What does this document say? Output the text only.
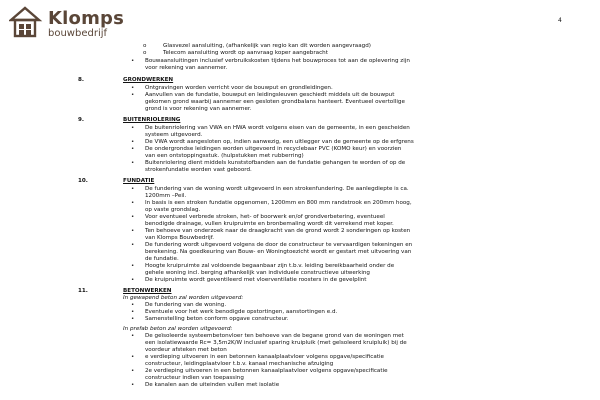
Klomps
bouwbedrijf
4
o	Glasvezel aansluiting, (afhankelijk van regio kan dit worden aangevraagd)
o	Telecom aansluiting wordt op aanvraag koper aangebracht
• Bouwaansluitingen inclusief verbruikskosten tijdens het bouwproces tot aan de oplevering zijn
voor rekening van aannemer.
8.	GRONDWERKEN
• Ontgravingen worden verricht voor de bouwput en grondleidingen.
• Aanvullen van de fundatie, bouwput en leidingsleuven geschiedt middels uit de bouwput
gekomen grond waarbij aannemer een gesloten grondbalans hanteert. Eventueel overtollige
grond is voor rekening van aannemer.
9.	BUITENRIOLERING
• De buitenriolering van VWA en HWA wordt volgens eisen van de gemeente, in een gescheiden
systeem uitgevoerd.
• De VWA wordt aangesloten op, indien aanwezig, een uitlegger van de gemeente op de erfgrens
• De ondergrondse leidingen worden uitgevoerd in recyclebaar PVC (KOMO keur) en voorzien
van een ontstoppingsstuk. (hulpstukken met rubberring)
• Buitenriolering dient middels kunststofbanden aan de fundatie gehangen te worden of op de
strokenfundatie worden vast geboord.
10.	FUNDATIE
• De fundering van de woning wordt uitgevoerd in een strokenfundering. De aanlegdiepte is ca.
1200mm –Peil.
• In basis is een stroken fundatie opgenomen, 1200mm en 800 mm randstrook en 200mm hoog,
op vaste grondslag.
• Voor eventueel verbrede stroken, het- of boorwerk en/of grondverbetering, eventueel
benodigde drainage, vullen kruipruimte en bronbemaling wordt dit verrekend met koper.
• Ten behoeve van onderzoek naar de draagkracht van de grond wordt 2 sonderingen op kosten
van Klomps Bouwbedrijf.
• De fundering wordt uitgevoerd volgens de door de constructeur te vervaardigen tekeningen en
berekening. Na goedkeuring van Bouw- en Woningtoezicht wordt er gestart met uitvoering van
de fundatie.
• Hoogte kruipruimte zal voldoende begaanbaar zijn t.b.v. leiding bereikbaarheid onder de
gehele woning incl. berging afhankelijk van individuele constructieve uitwerking
• De kruipruimte wordt geventileerd met vloerventilatie roosters in de gevelplint
11.	BETONWERKEN
In gewapend beton zal worden uitgevoerd:
• De fundering van de woning.
• Eventuele voor het werk benodigde opstortingen, aanstortingen e.d.
• Samenstelling beton conform opgave constructeur.
In prefab beton zal worden uitgevoerd:
• De geïsoleerde systeembetonvloer ten behoeve van de begane grond van de woningen met
een isolatiewaarde Rc= 3,5m2K/W inclusief sparing kruipluik (met geïsoleerd kruipluik) bij de
voordeur afsteken met beton
• e verdieping uitvoeren in een betonnen kanaalplaatvloer volgens opgave/specificatie
constructeur, leidingplaatvloer t.b.v. kanaal mechanische afzuiging
• 2e verdieping uitvoeren in een betonnen kanaalplaatvloer volgens opgave/specificatie
constructeur indien van toepassing
• De kanalen aan de uiteinden vullen met isolatie
